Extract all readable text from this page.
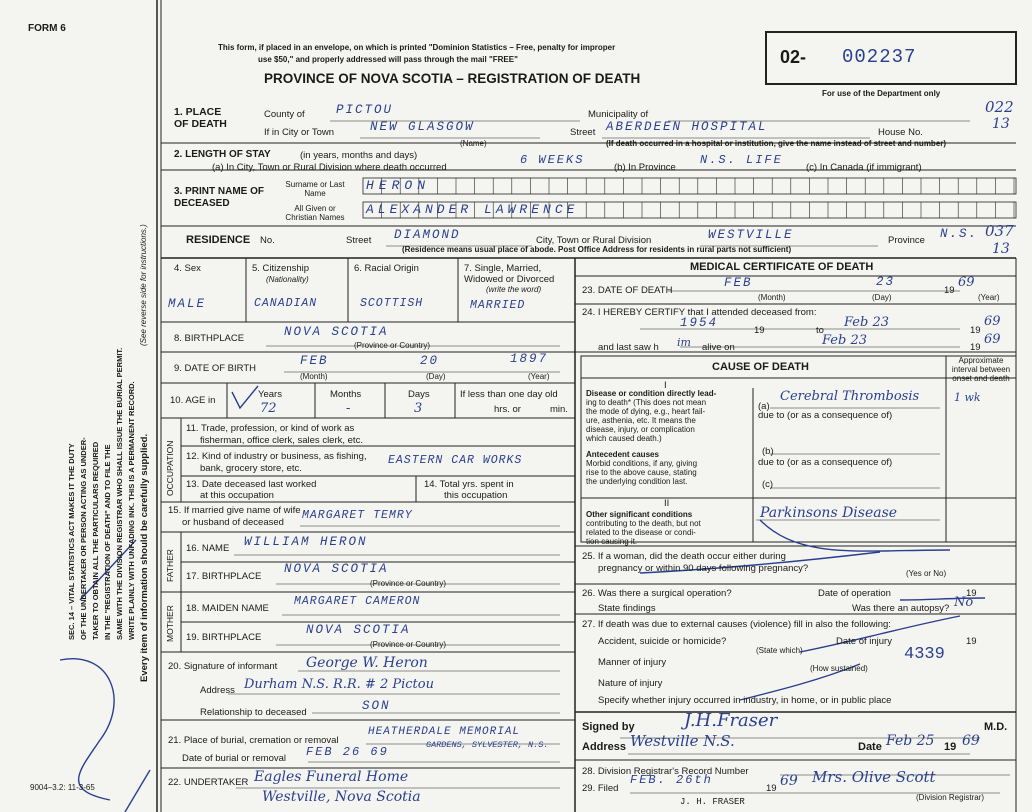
FORM 6
This form, if placed in an envelope, on which is printed "Dominion Statistics – Free, penalty for improper
use $50," and properly addressed will pass through the mail "FREE"
PROVINCE OF NOVA SCOTIA – REGISTRATION OF DEATH
02- 002237
For use of the Department only
022
13
037
13
SEC. 14 – VITAL STATISTICS ACT MAKES IT THE DUTY OF THE UNDERTAKER OR PERSON ACTING AS UNDER- TAKER TO OBTAIN ALL THE PARTICULARS REQUIRED IN THE "REGISTRATION OF DEATH" AND TO FILE THE SAME WITH THE DIVISION REGISTRAR WHO SHALL ISSUE THE BURIAL PERMIT. WRITE PLAINLY WITH UNFADING INK. THIS IS A PERMANENT RECORD. Every item of information should be carefully supplied.
(See reverse side for instructions.)
9004–3.2: 11-3-65
1. PLACE OF DEATH
County of	PICTOU	Municipality of
If in City or Town	NEW GLASGOW
(Name)
Street ABERDEEN HOSPITAL	House No.
(If death occurred in a hospital or institution, give the name instead of street and number)
2. LENGTH OF STAY	(in years, months and days)
(a) In City, Town or Rural Division where death occurred
6 WEEKS
(b) In Province
N.S. LIFE
(c) In Canada (if immigrant)
3. PRINT NAME OF DECEASED
Surname or Last Name
HERON
All Given or Christian Names
ALEXANDER LAWRENCE
RESIDENCE No.	Street DIAMOND	City, Town or Rural Division	WESTVILLE	Province N.S.
(Residence means usual place of abode. Post Office Address for residents in rural parts not sufficient)
4. Sex
MALE
5. Citizenship
(Nationality)
CANADIAN
6. Racial Origin
SCOTTISH
7. Single, Married, Widowed or Divorced
(write the word)
MARRIED
8. BIRTHPLACE	NOVA SCOTIA
(Province or Country)
9. DATE OF BIRTH
FEB	20	1897
(Month)	(Day)	(Year)
10. AGE in
Years
72
Months
-
Days
3
If less than one day old
hrs. or	min.
OCCUPATION
11. Trade, profession, or kind of work as
fisherman, office clerk, sales clerk, etc.
12. Kind of industry or business, as fishing,
bank, grocery store, etc.
EASTERN CAR WORKS
13. Date deceased last worked
at this occupation
14. Total yrs. spent in
this occupation
15. If married give name of wife
or husband of deceased
MARGARET TEMRY
FATHER
16. NAME WILLIAM HERON
17. BIRTHPLACE
NOVA SCOTIA
(Province or Country)
MOTHER 18. MAIDEN NAME
MARGARET CAMERON
19. BIRTHPLACE
NOVA SCOTIA
(Province or Country)
20. Signature of informant George W. Heron
Address Durham N.S. R.R. # 2 Pictou
Relationship to deceased	SON
21. Place of burial, cremation or removal
HEATHERDALE MEMORIAL
GARDENS, SYLVESTER, N.S.
Date of burial or removal FEB 26 69
22. UNDERTAKER Eagles Funeral Home
Westville, Nova Scotia
MEDICAL CERTIFICATE OF DEATH
23. DATE OF DEATH
FEB	23
19
69
(Month)	(Day)	(Year)
24. I HEREBY CERTIFY that I attended deceased from:
1954
19	to
Feb 23
19
69
and last saw h im alive on	Feb 23	19
69
CAUSE OF DEATH
Approximate interval between onset and death
I
Disease or condition directly lead-
ing to death* (This does not mean
the mode of dying, e.g., heart fail-
ure, asthenia, etc. It means the
disease, injury, or complication
which caused death.)
Antecedent causes
Morbid conditions, if any, giving
rise to the above cause, stating
the underlying condition last.
II
Other significant conditions
contributing to the death, but not
related to the disease or condi-
tion causing it.
(a)
Cerebral Thrombosis	1 wk
due to (or as a consequence of)
(b)
due to (or as a consequence of)
(c)
Parkinsons Disease
25. If a woman, did the death occur either during
pregnancy or within 90 days following pregnancy?	(Yes or No)
26. Was there a surgical operation?	Date of operation	19
State findings	Was there an autopsy? No
27. If death was due to external causes (violence) fill in also the following:
Accident, suicide or homicide?	Date of injury	19
(State which)	4339
Manner of injury
(How sustained)
Nature of injury
Specify whether injury occurred in industry, in home, or in public place
Signed by	J.H.Fraser	M.D.
Address Westville N.S.	Date Feb 25 19 69
28. Division Registrar's Record Number
29. Filed
FEB. 26th
19 69 Mrs. Olive Scott
(Division Registrar)
J. H. FRASER
